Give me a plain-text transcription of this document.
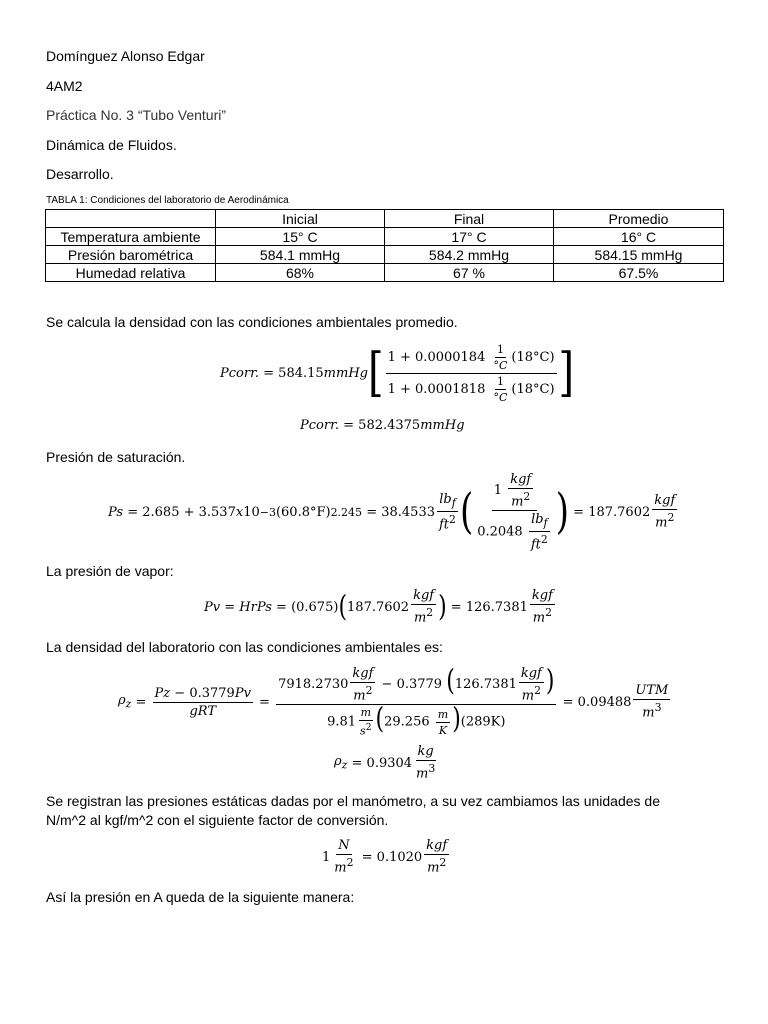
Domínguez Alonso Edgar
4AM2
Práctica No. 3 “Tubo Venturi”
Dinámica de Fluidos.
Desarrollo.
TABLA 1: Condiciones del laboratorio de Aerodinámica
	Inicial	Final	Promedio
Temperatura ambiente	15° C	17° C	16° C
Presión barométrica	584.1 mmHg	584.2 mmHg	584.15 mmHg
Humedad relativa	68%	67 %	67.5%
Se calcula la densidad con las condiciones ambientales promedio.
Pcorr. = 584.15 mmHg [ $\frac{1 + 0.0000184 \frac{1}{^\circ C} (18^\circ C)}{1 + 0.0001818 \frac{1}{^\circ C} (18^\circ C)}$ ]
Pcorr. = 582.4375 mmHg
Presión de saturación.
Ps = 2.685 + 3.537 x 10 −3 (60.8°F) $2.245 = 38.4533 \frac{lb_f}{ft^2}$ ( $\frac{1 \frac{\text{kgf}}{m^2}}{0.2048 \frac{lb_f}{ft^2}}$ ) = $187.7602 \frac{\text{kgf}}{m^2}$
La presión de vapor:
Pv = HrPs = (0.675) ( $187.7602 \frac{\text{kgf}}{m^2}$ ) = $126.7381 \frac{\text{kgf}}{m^2}$
La densidad del laboratorio con las condiciones ambientales es:
$\rho_z = \frac{Pz - 0.3779Pv}{\text{gRT}} = \frac{7918.2730 \frac{\text{kgf}}{m^2} - 0.3779 (126.7381 \frac{\text{kgf}}{m^2} )}{9.81 \frac{m}{s^2} (29.256 \frac{m}{K} )(289K)} = 0.09488 \frac{\text{UTM}}{m^3}$
$\rho_z = 0.9304 \frac{kg}{m^3}$
Se registran las presiones estáticas dadas por el manómetro, a su vez cambiamos las unidades de
N/m^2 al kgf/m^2 con el siguiente factor de conversión.
$1 \frac{N}{m^2} = 0.1020 \frac{\text{kgf}}{m^2}$
Así la presión en A queda de la siguiente manera:
